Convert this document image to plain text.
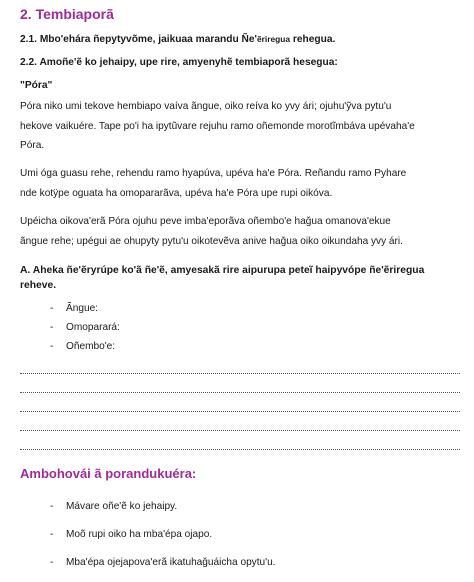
2. Tembiaporã
2.1. Mbo'ehára ñepytyvõme, jaikuaa marandu Ñe'ẽriregua rehegua.
2.2. Amoñe'ẽ ko jehaipy, upe rire, amyenyhẽ tembiaporã hesegua:
"Póra"

Póra niko umi tekove hembiapo vaíva ãngue, oiko reíva ko yvy ári; ojuhu'ỹva pytu'u

hekove vaikuére. Tape po'i ha ipytũvare rejuhu ramo oñemonde morotĩmbáva upévaha'e

Póra.

Umi óga guasu rehe, rehendu ramo hyapúva, upéva ha'e Póra. Reñandu ramo Pyhare

nde kotÿpe oguata ha omopararãva, upéva ha'e Póra upe rupi oikóva.

Upéicha oikova'erã Póra ojuhu peve imba'eporãva oñembo'e hağua omanova'ekue

ãngue rehe; upégui ae ohupyty pytu'u oikotevẽva anive hağua oiko oikundaha yvy ári.

A. Aheka ñe'ẽryrúpe ko'ã ñe'ẽ, amyesakã rire aipurupa peteĩ haipyvópe ñe'ẽriregua
reheve.
- Ãngue:
- Omoparará:
- Oñembo'e:
Ambohovái ã porandukuéra:
- Mávare oñe'ẽ ko jehaipy.
- Moõ rupi oiko ha mba'épa ojapo.
- Mba'épa ojejapova'erã ikatuhağuáicha opytu'u.
